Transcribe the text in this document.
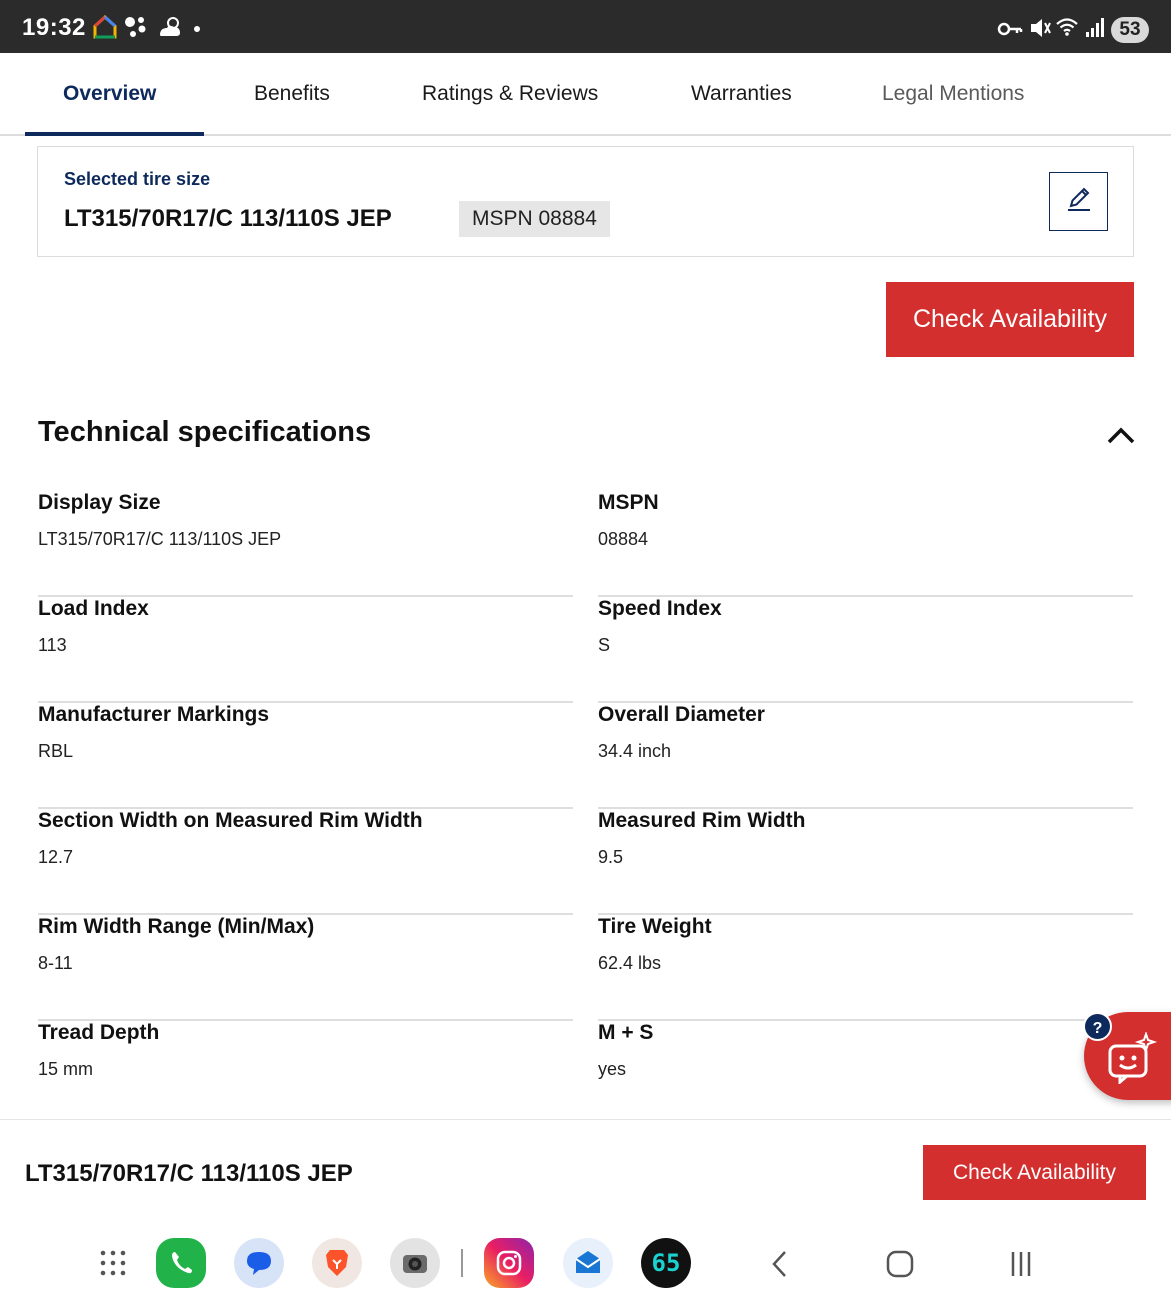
19:32	53
Overview	Benefits	Ratings & Reviews	Warranties	Legal Mentions
Selected tire size
LT315/70R17/C 113/110S JEP	MSPN 08884
Check Availability
Technical specifications
Display Size
LT315/70R17/C 113/110S JEP
MSPN
08884
Load Index
113
Speed Index
S
Manufacturer Markings
RBL
Overall Diameter
34.4 inch
Section Width on Measured Rim Width
12.7
Measured Rim Width
9.5
Rim Width Range (Min/Max)
8-11
Tire Weight
62.4 lbs
Tread Depth
15 mm
M + S
yes
?
LT315/70R17/C 113/110S JEP	Check Availability
65
